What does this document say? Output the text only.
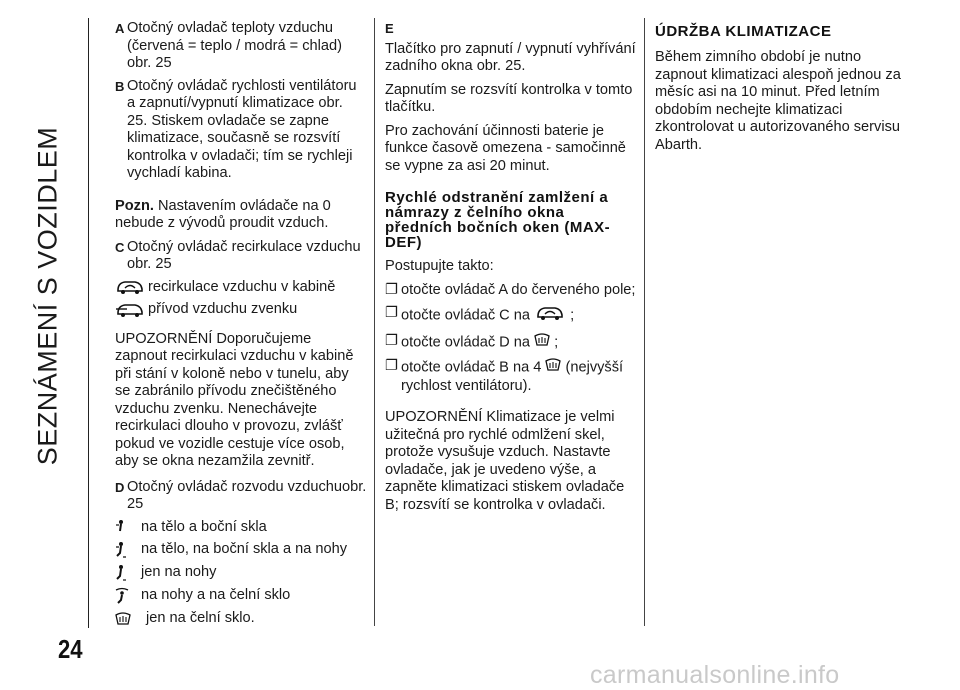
SEZNÁMENÍ S VOZIDLEM
24
A Otočný ovladač teploty vzduchu (červená = teplo / modrá = chlad) obr. 25
B Otočný ovládač rychlosti ventilátoru a zapnutí/vypnutí klimatizace obr. 25. Stiskem ovladače se zapne klimatizace, současně se rozsvítí kontrolka v ovladači; tím se rychleji vychladí kabina.

Pozn. Nastavením ovládače na 0 nebude z vývodů proudit vzduch.

C Otočný ovládač recirkulace vzduchu obr. 25
recirkulace vzduchu v kabině
přívod vzduchu zvenku

UPOZORNĚNÍ Doporučujeme zapnout recirkulaci vzduchu v kabině při stání v koloně nebo v tunelu, aby se zabránilo přívodu znečištěného vzduchu zvenku. Nenechávejte recirkulaci dlouho v provozu, zvlášť pokud ve vozidle cestuje více osob, aby se okna nezamžila zevnitř.

D Otočný ovládač rozvodu vzduchuobr. 25
na tělo a boční skla
na tělo, na boční skla a na nohy
jen na nohy
na nohy a na čelní sklo
jen na čelní sklo.

E

Tlačítko pro zapnutí / vypnutí vyhřívání zadního okna obr. 25.

Zapnutím se rozsvítí kontrolka v tomto tlačítku.

Pro zachování účinnosti baterie je funkce časově omezena - samočinně se vypne za asi 20 minut.

Rychlé odstranění zamlžení a námrazy z čelního okna předních bočních oken (MAX-DEF)

Postupujte takto:

❐ otočte ovládač A do červeného pole;
❐ otočte ovládač C na	;
❐ otočte ovládač D na ;
❐ otočte ovládač B na 4 (nejvyšší rychlost ventilátoru).

UPOZORNĚNÍ Klimatizace je velmi užitečná pro rychlé odmlžení skel, protože vysušuje vzduch. Nastavte ovladače, jak je uvedeno výše, a zapněte klimatizaci stiskem ovladače B; rozsvítí se kontrolka v ovladači.

ÚDRŽBA KLIMATIZACE

Během zimního období je nutno zapnout klimatizaci alespoň jednou za měsíc asi na 10 minut. Před letním obdobím nechejte klimatizaci zkontrolovat u autorizovaného servisu Abarth.

carmanualsonline.info
